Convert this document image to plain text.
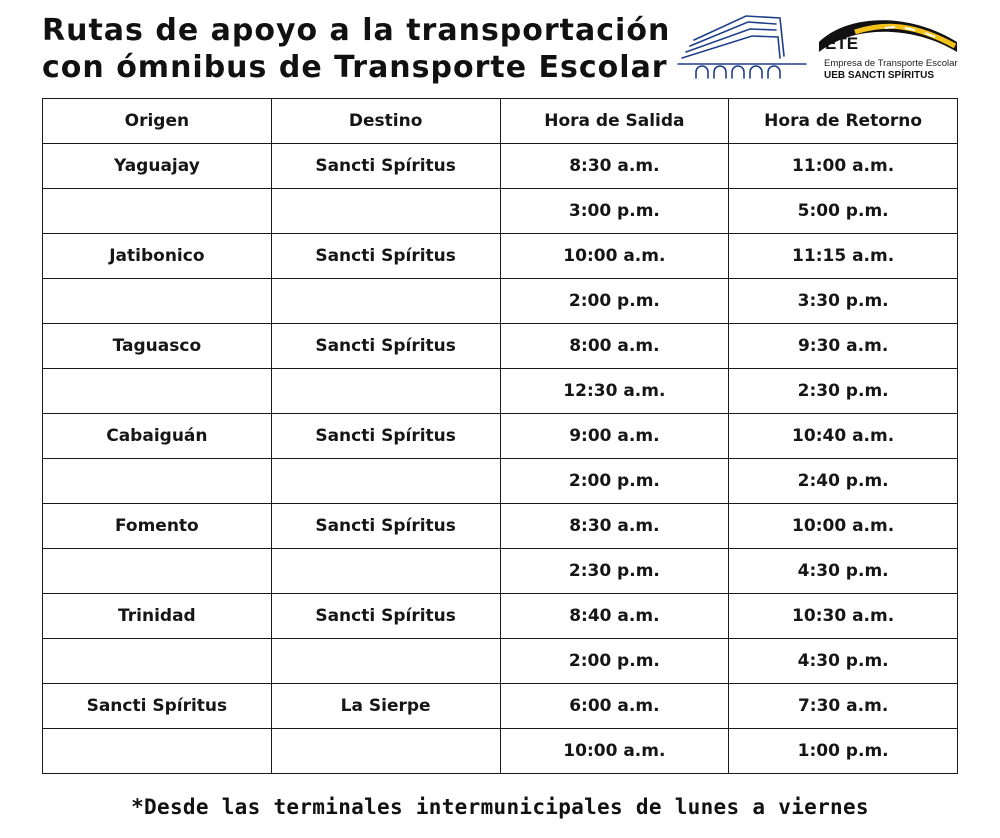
Rutas de apoyo a la transportación
con ómnibus de Transporte Escolar
ETE
Empresa de Transporte Escolar
UEB SANCTI SPÍRITUS
Origen	Destino	Hora de Salida	Hora de Retorno
Yaguajay	Sancti Spíritus	8:30 a.m.	11:00 a.m.
		3:00 p.m.	5:00 p.m.
Jatibonico	Sancti Spíritus	10:00 a.m.	11:15 a.m.
		2:00 p.m.	3:30 p.m.
Taguasco	Sancti Spíritus	8:00 a.m.	9:30 a.m.
		12:30 a.m.	2:30 p.m.
Cabaiguán	Sancti Spíritus	9:00 a.m.	10:40 a.m.
		2:00 p.m.	2:40 p.m.
Fomento	Sancti Spíritus	8:30 a.m.	10:00 a.m.
		2:30 p.m.	4:30 p.m.
Trinidad	Sancti Spíritus	8:40 a.m.	10:30 a.m.
		2:00 p.m.	4:30 p.m.
Sancti Spíritus	La Sierpe	6:00 a.m.	7:30 a.m.
		10:00 a.m.	1:00 p.m.
*Desde las terminales intermunicipales de lunes a viernes
